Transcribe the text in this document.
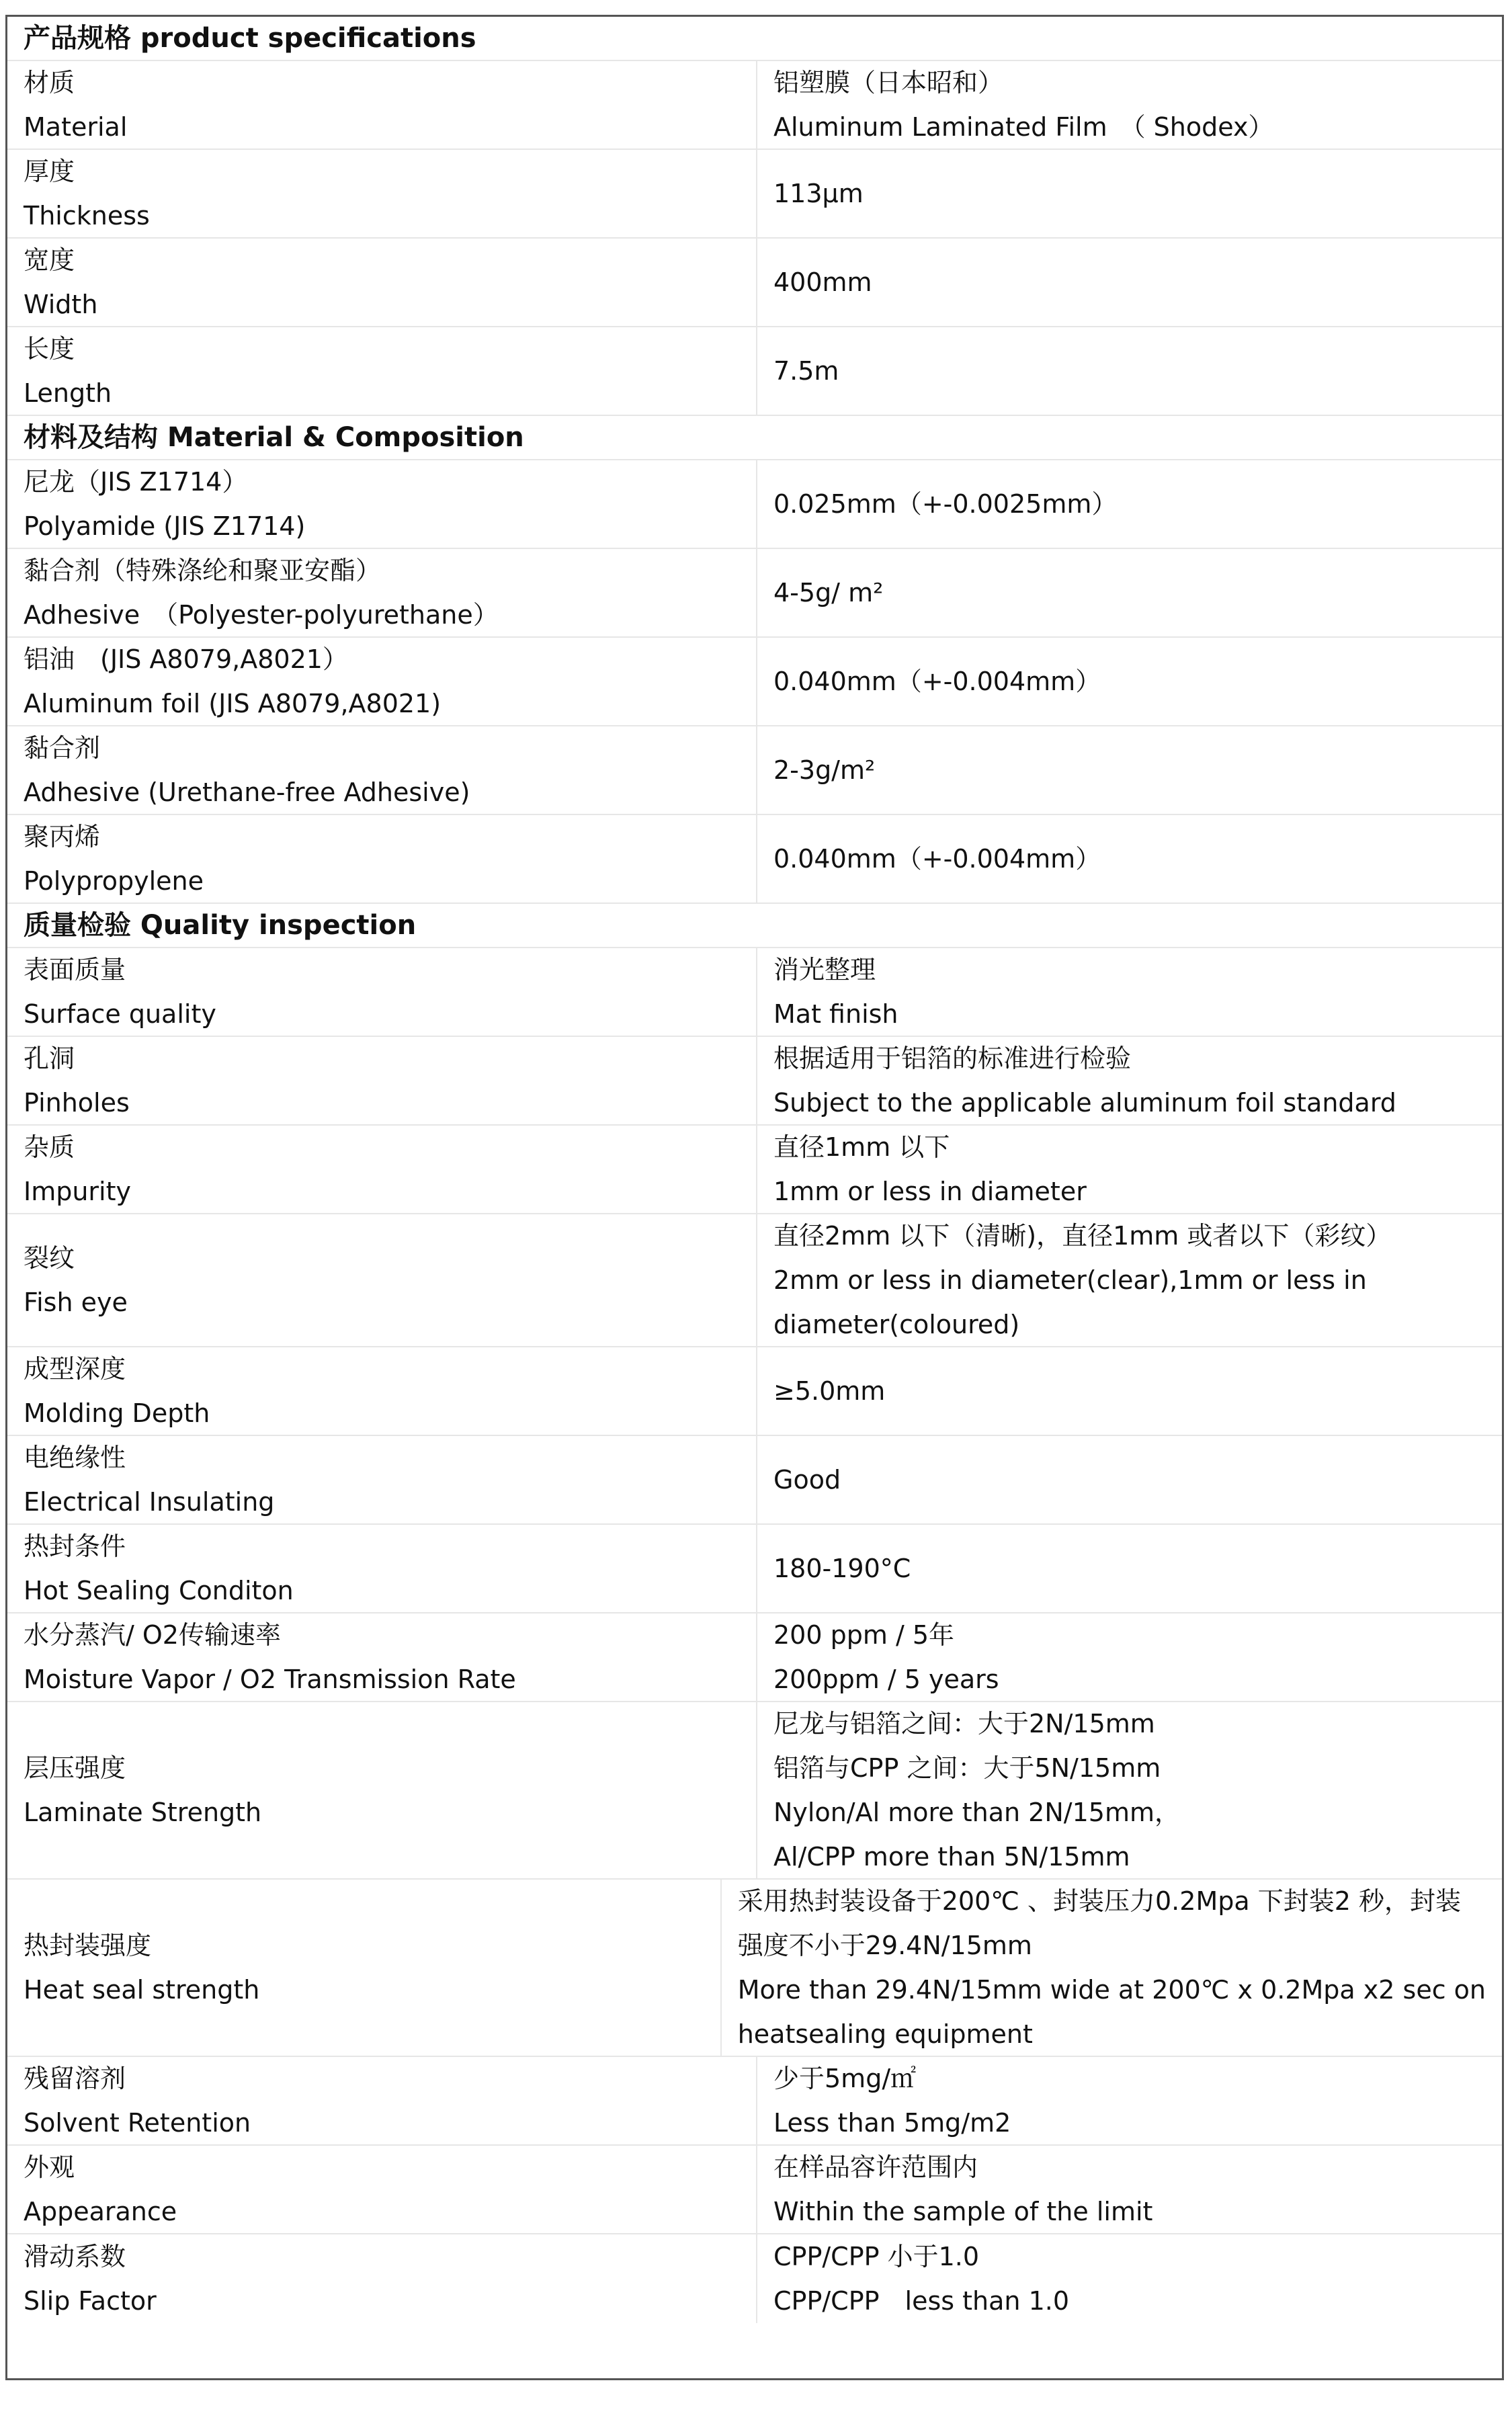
产品规格 product specifications
材质
Material
铝塑膜（日本昭和）
Aluminum Laminated Film　（ Shodex）
厚度
Thickness
113μm
宽度
Width
400mm
长度
Length
7.5m
材料及结构 Material & Composition
尼龙（JIS Z1714）
Polyamide (JIS Z1714)
0.025mm（+-0.0025mm）
黏合剂（特殊涤纶和聚亚安酯）
Adhesive　（Polyester-polyurethane）
4-5g/ m²
铝油　(JIS A8079,A8021）
Aluminum foil (JIS A8079,A8021)
0.040mm（+-0.004mm）
黏合剂
Adhesive (Urethane-free Adhesive)
2-3g/m²
聚丙烯
Polypropylene
0.040mm（+-0.004mm）
质量检验 Quality inspection
表面质量
Surface quality
消光整理
Mat finish
孔洞
Pinholes
根据适用于铝箔的标准进行检验
Subject to the applicable aluminum foil standard
杂质
Impurity
直径1mm 以下
1mm or less in diameter
裂纹
Fish eye
直径2mm 以下（清晰)，直径1mm 或者以下（彩纹）
2mm or less in diameter(clear),1mm or less in
diameter(coloured)
成型深度
Molding Depth
≥5.0mm
电绝缘性
Electrical Insulating
Good
热封条件
Hot Sealing Conditon
180-190°C
水分蒸汽/ O2传输速率
Moisture Vapor / O2 Transmission Rate
200 ppm / 5年
200ppm / 5 years
层压强度
Laminate Strength
尼龙与铝箔之间：大于2N/15mm
铝箔与CPP 之间：大于5N/15mm
Nylon/Al more than 2N/15mm，
Al/CPP more than 5N/15mm
热封装强度
Heat seal strength
采用热封装设备于200℃ 、封装压力0.2Mpa 下封装2 秒，封装
强度不小于29.4N/15mm
More than 29.4N/15mm wide at 200℃ x 0.2Mpa x2 sec on
heatsealing equipment
残留溶剂
Solvent Retention
少于5mg/㎡
Less than 5mg/m2
外观
Appearance
在样品容许范围内
Within the sample of the limit
滑动系数
Slip Factor
CPP/CPP 小于1.0
CPP/CPP　less than 1.0
